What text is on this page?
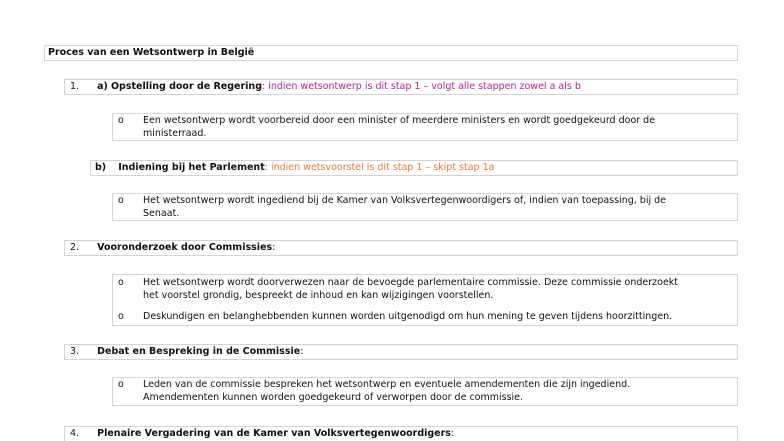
Proces van een Wetsontwerp in België
1. a) Opstelling door de Regering: indien wetsontwerp is dit stap 1 – volgt alle stappen zowel a als b
o Een wetsontwerp wordt voorbereid door een minister of meerdere ministers en wordt goedgekeurd door de
ministerraad.
b) Indiening bij het Parlement: indien wetsvoorstel is dit stap 1 – skipt stap 1a
o Het wetsontwerp wordt ingediend bij de Kamer van Volksvertegenwoordigers of, indien van toepassing, bij de
Senaat.
2. Vooronderzoek door Commissies:
o Het wetsontwerp wordt doorverwezen naar de bevoegde parlementaire commissie. Deze commissie onderzoekt
het voorstel grondig, bespreekt de inhoud en kan wijzigingen voorstellen.
o Deskundigen en belanghebbenden kunnen worden uitgenodigd om hun mening te geven tijdens hoorzittingen.
3. Debat en Bespreking in de Commissie:
o Leden van de commissie bespreken het wetsontwerp en eventuele amendementen die zijn ingediend.
Amendementen kunnen worden goedgekeurd of verworpen door de commissie.
4. Plenaire Vergadering van de Kamer van Volksvertegenwoordigers:
